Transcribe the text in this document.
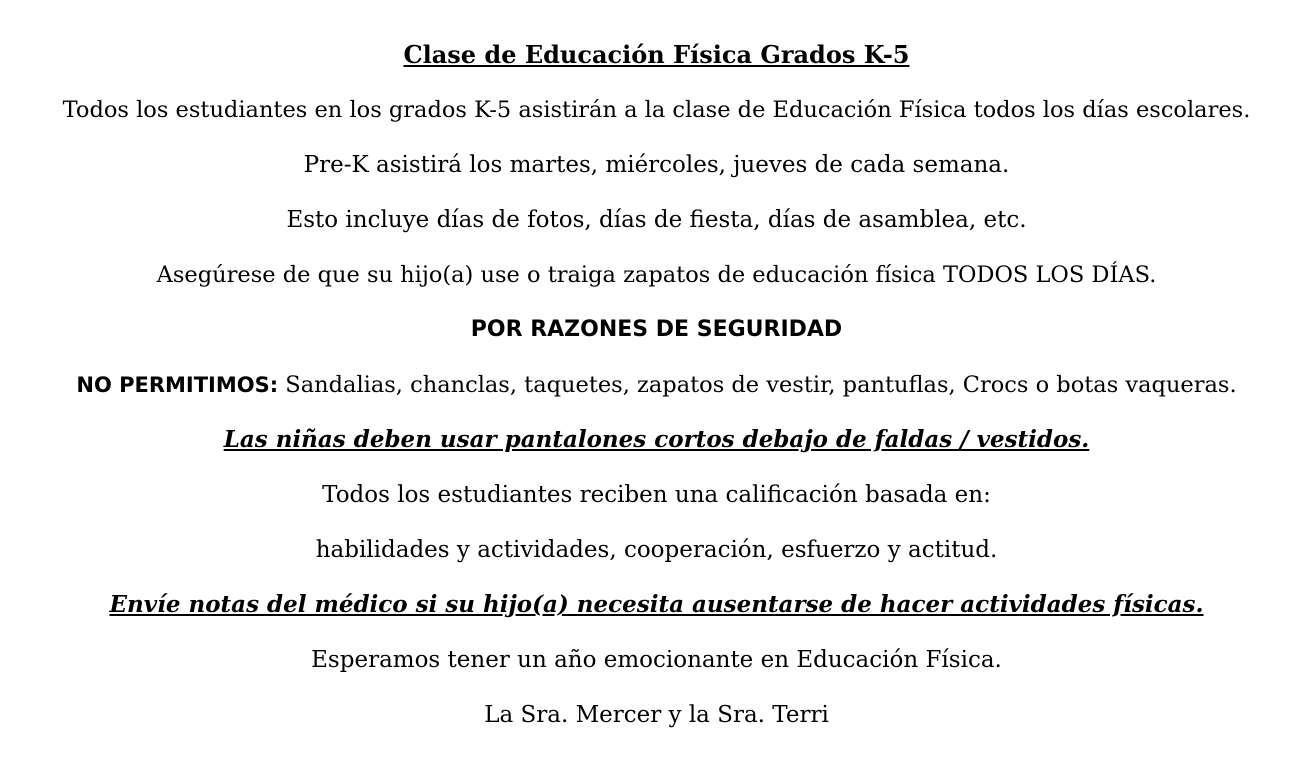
Clase de Educación Física Grados K-5
Todos los estudiantes en los grados K-5 asistirán a la clase de Educación Física todos los días escolares.
Pre-K asistirá los martes, miércoles, jueves de cada semana.
Esto incluye días de fotos, días de fiesta, días de asamblea, etc.
Asegúrese de que su hijo(a) use o traiga zapatos de educación física TODOS LOS DÍAS.
POR RAZONES DE SEGURIDAD
NO PERMITIMOS: Sandalias, chanclas, taquetes, zapatos de vestir, pantuflas, Crocs o botas vaqueras.
Las niñas deben usar pantalones cortos debajo de faldas / vestidos.
Todos los estudiantes reciben una calificación basada en:
habilidades y actividades, cooperación, esfuerzo y actitud.
Envíe notas del médico si su hijo(a) necesita ausentarse de hacer actividades físicas.
Esperamos tener un año emocionante en Educación Física.
La Sra. Mercer y la Sra. Terri
